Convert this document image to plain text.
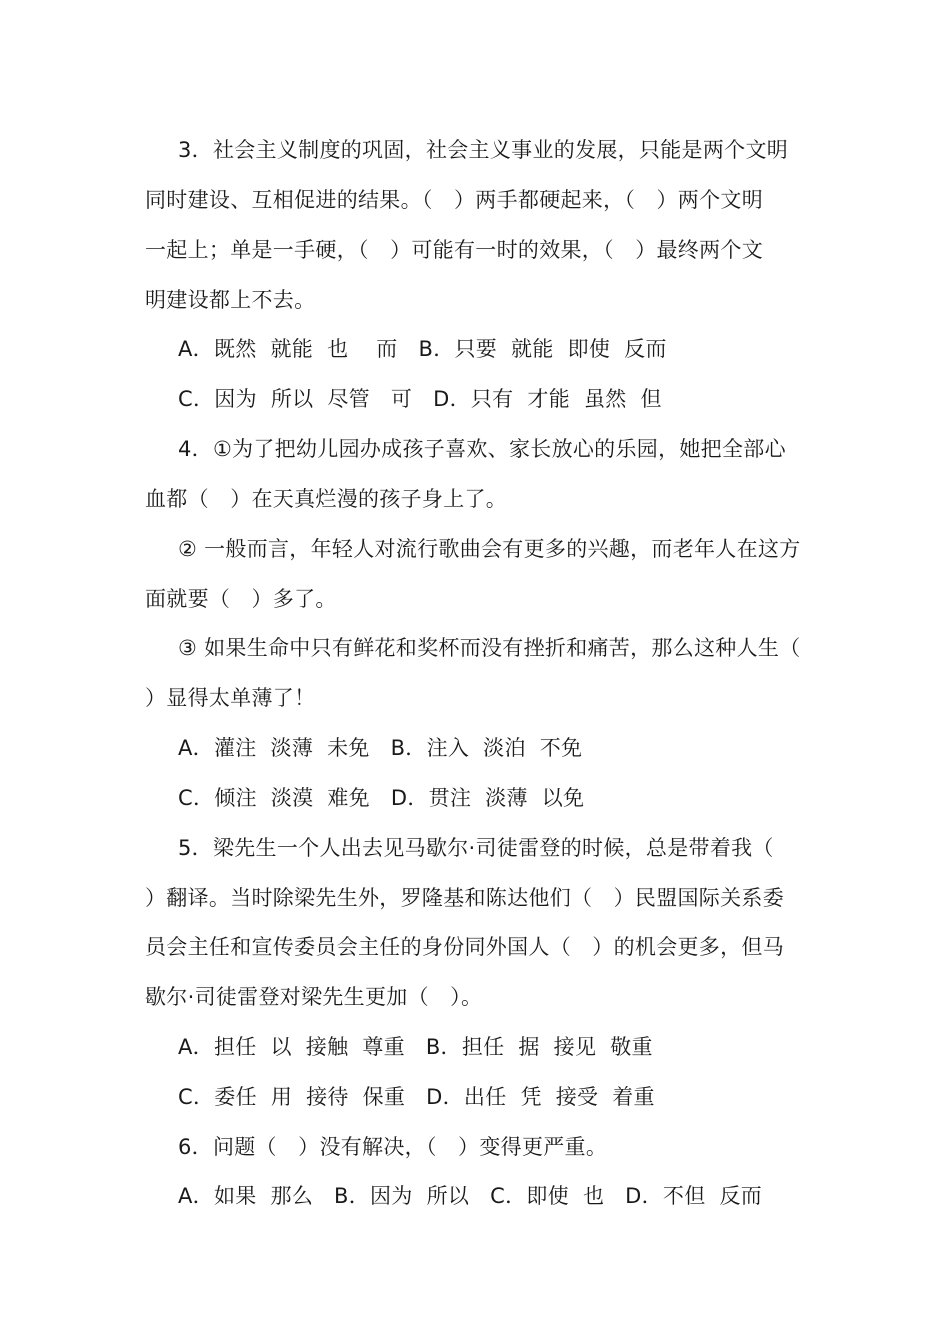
3．社会主义制度的巩固，社会主义事业的发展，只能是两个文明
同时建设、互相促进的结果。（　）两手都硬起来，（　）两个文明
一起上；单是一手硬，（　）可能有一时的效果，（　）最终两个文
明建设都上不去。
A．既然  就能  也    而   B．只要  就能  即使  反而
C．因为  所以  尽管   可   D．只有  才能  虽然  但
4．①为了把幼儿园办成孩子喜欢、家长放心的乐园，她把全部心
血都（　）在天真烂漫的孩子身上了。
② 一般而言，年轻人对流行歌曲会有更多的兴趣，而老年人在这方
面就要（　）多了。
③ 如果生命中只有鲜花和奖杯而没有挫折和痛苦，那么这种人生（
）显得太单薄了！
A．灌注  淡薄  未免   B．注入  淡泊  不免
C．倾注  淡漠  难免   D．贯注  淡薄  以免
5．梁先生一个人出去见马歇尔·司徒雷登的时候，总是带着我（
）翻译。当时除梁先生外，罗隆基和陈达他们（　）民盟国际关系委
员会主任和宣传委员会主任的身份同外国人（　）的机会更多，但马
歇尔·司徒雷登对梁先生更加（　）。
A．担任  以  接触  尊重   B．担任  据  接见  敬重
C．委任  用  接待  保重   D．出任  凭  接受  着重
6．问题（　）没有解决，（　）变得更严重。
A．如果  那么   B．因为  所以   C．即使  也   D．不但  反而
